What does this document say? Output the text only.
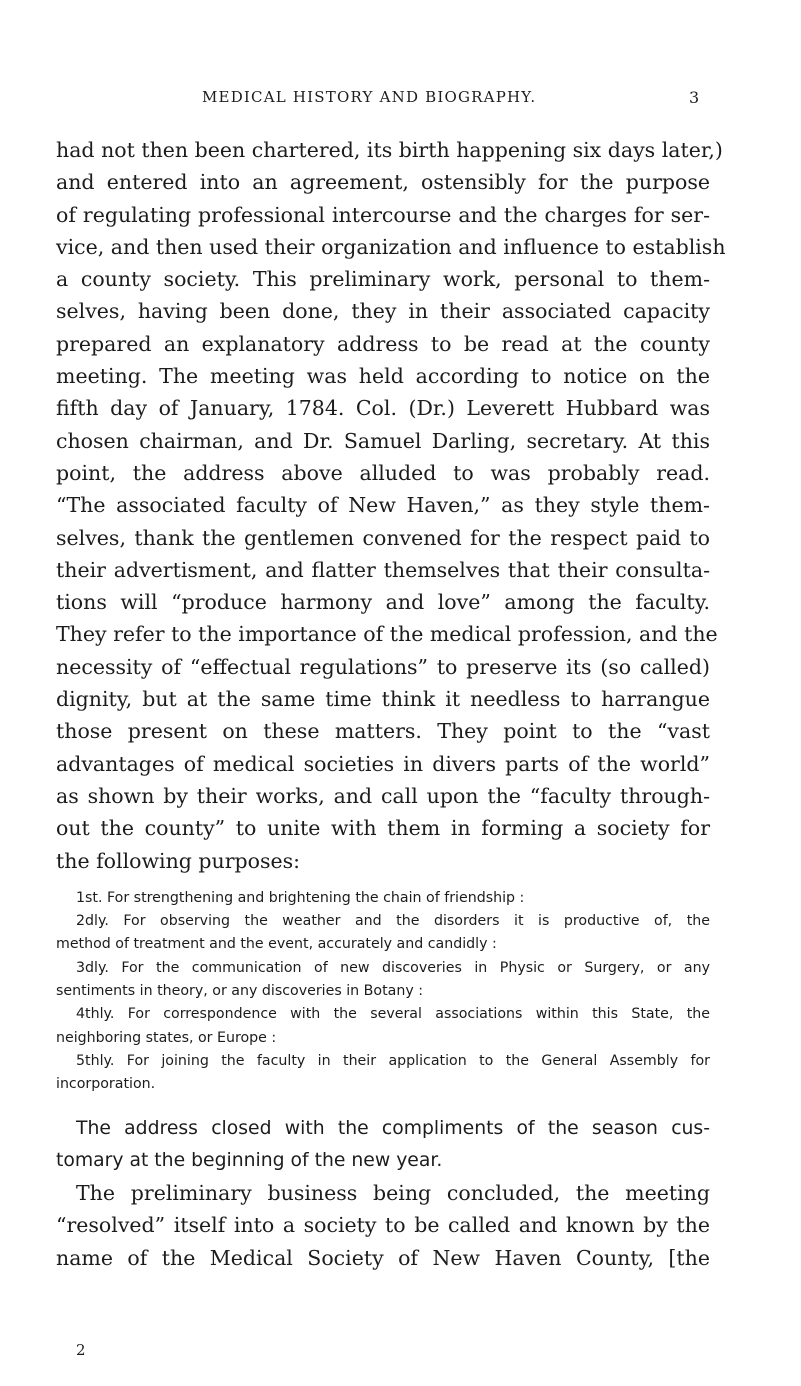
MEDICAL HISTORY AND BIOGRAPHY.	3
had not then been chartered, its birth happening six days later,)
and entered into an agreement, ostensibly for the purpose
of regulating professional intercourse and the charges for ser-
vice, and then used their organization and influence to establish
a county society. This preliminary work, personal to them-
selves, having been done, they in their associated capacity
prepared an explanatory address to be read at the county
meeting. The meeting was held according to notice on the
fifth day of January, 1784. Col. (Dr.) Leverett Hubbard was
chosen chairman, and Dr. Samuel Darling, secretary. At this
point, the address above alluded to was probably read.
“The associated faculty of New Haven,” as they style them-
selves, thank the gentlemen convened for the respect paid to
their advertisment, and flatter themselves that their consulta-
tions will “produce harmony and love” among the faculty.
They refer to the importance of the medical profession, and the
necessity of “effectual regulations” to preserve its (so called)
dignity, but at the same time think it needless to harrangue
those present on these matters. They point to the “vast
advantages of medical societies in divers parts of the world”
as shown by their works, and call upon the “faculty through-
out the county” to unite with them in forming a society for
the following purposes:
1st. For strengthening and brightening the chain of friendship :
2dly. For observing the weather and the disorders it is productive of, the
method of treatment and the event, accurately and candidly :
3dly. For the communication of new discoveries in Physic or Surgery, or any
sentiments in theory, or any discoveries in Botany :
4thly. For correspondence with the several associations within this State, the
neighboring states, or Europe :
5thly. For joining the faculty in their application to the General Assembly for
incorporation.
The address closed with the compliments of the season cus-
tomary at the beginning of the new year.
The preliminary business being concluded, the meeting
“resolved” itself into a society to be called and known by the
name of the Medical Society of New Haven County, [the
2
